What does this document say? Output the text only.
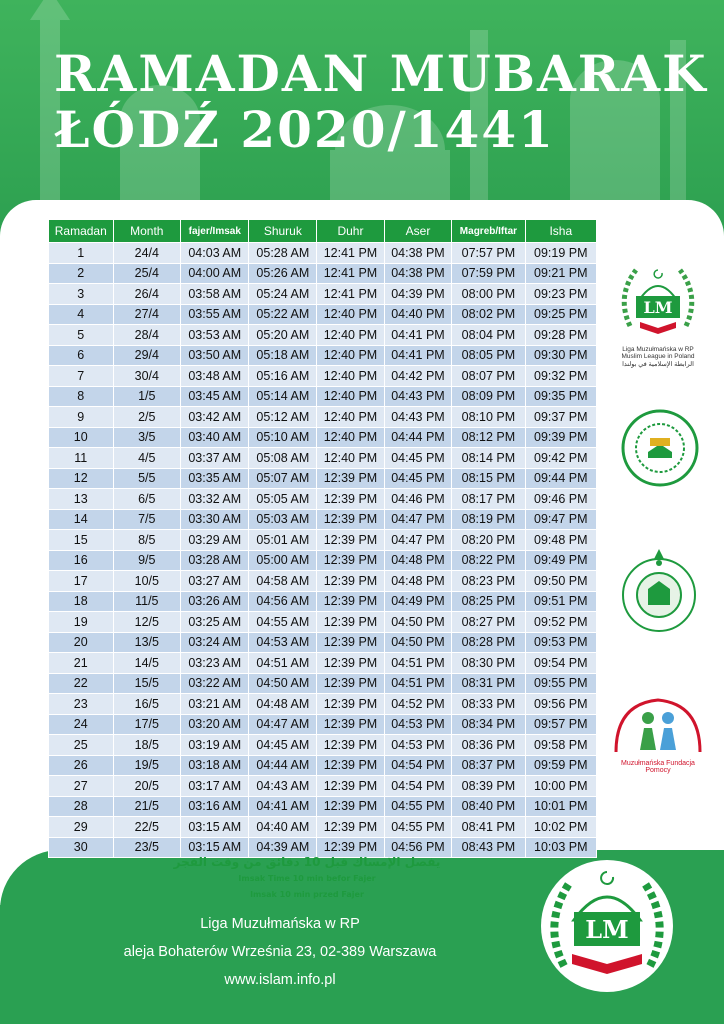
RAMADAN MUBARAK
ŁÓDŹ 2020/1441
Ramadan	Month	fajer/Imsak	Shuruk	Duhr	Aser	Magreb/Iftar	Isha
1	24/4	04:03 AM	05:28 AM	12:41 PM	04:38 PM	07:57 PM	09:19 PM
2	25/4	04:00 AM	05:26 AM	12:41 PM	04:38 PM	07:59 PM	09:21 PM
3	26/4	03:58 AM	05:24 AM	12:41 PM	04:39 PM	08:00 PM	09:23 PM
4	27/4	03:55 AM	05:22 AM	12:40 PM	04:40 PM	08:02 PM	09:25 PM
5	28/4	03:53 AM	05:20 AM	12:40 PM	04:41 PM	08:04 PM	09:28 PM
6	29/4	03:50 AM	05:18 AM	12:40 PM	04:41 PM	08:05 PM	09:30 PM
7	30/4	03:48 AM	05:16 AM	12:40 PM	04:42 PM	08:07 PM	09:32 PM
8	1/5	03:45 AM	05:14 AM	12:40 PM	04:43 PM	08:09 PM	09:35 PM
9	2/5	03:42 AM	05:12 AM	12:40 PM	04:43 PM	08:10 PM	09:37 PM
10	3/5	03:40 AM	05:10 AM	12:40 PM	04:44 PM	08:12 PM	09:39 PM
11	4/5	03:37 AM	05:08 AM	12:40 PM	04:45 PM	08:14 PM	09:42 PM
12	5/5	03:35 AM	05:07 AM	12:39 PM	04:45 PM	08:15 PM	09:44 PM
13	6/5	03:32 AM	05:05 AM	12:39 PM	04:46 PM	08:17 PM	09:46 PM
14	7/5	03:30 AM	05:03 AM	12:39 PM	04:47 PM	08:19 PM	09:47 PM
15	8/5	03:29 AM	05:01 AM	12:39 PM	04:47 PM	08:20 PM	09:48 PM
16	9/5	03:28 AM	05:00 AM	12:39 PM	04:48 PM	08:22 PM	09:49 PM
17	10/5	03:27 AM	04:58 AM	12:39 PM	04:48 PM	08:23 PM	09:50 PM
18	11/5	03:26 AM	04:56 AM	12:39 PM	04:49 PM	08:25 PM	09:51 PM
19	12/5	03:25 AM	04:55 AM	12:39 PM	04:50 PM	08:27 PM	09:52 PM
20	13/5	03:24 AM	04:53 AM	12:39 PM	04:50 PM	08:28 PM	09:53 PM
21	14/5	03:23 AM	04:51 AM	12:39 PM	04:51 PM	08:30 PM	09:54 PM
22	15/5	03:22 AM	04:50 AM	12:39 PM	04:51 PM	08:31 PM	09:55 PM
23	16/5	03:21 AM	04:48 AM	12:39 PM	04:52 PM	08:33 PM	09:56 PM
24	17/5	03:20 AM	04:47 AM	12:39 PM	04:53 PM	08:34 PM	09:57 PM
25	18/5	03:19 AM	04:45 AM	12:39 PM	04:53 PM	08:36 PM	09:58 PM
26	19/5	03:18 AM	04:44 AM	12:39 PM	04:54 PM	08:37 PM	09:59 PM
27	20/5	03:17 AM	04:43 AM	12:39 PM	04:54 PM	08:39 PM	10:00 PM
28	21/5	03:16 AM	04:41 AM	12:39 PM	04:55 PM	08:40 PM	10:01 PM
29	22/5	03:15 AM	04:40 AM	12:39 PM	04:55 PM	08:41 PM	10:02 PM
30	23/5	03:15 AM	04:39 AM	12:39 PM	04:56 PM	08:43 PM	10:03 PM
LM
Liga Muzułmańska w RP
Muslim League in Poland
الرابطة الإسلامية في بولندا
Muzułmańska Fundacja
Pomocy
يفصل الإمساك قبل 10 دقائق من وقت الفجر
Imsak Time 10 min befor Fajer
Imsak 10 min przed Fajer
Liga Muzułmańska w RP
aleja Bohaterów Września 23, 02-389 Warszawa
www.islam.info.pl
LM
